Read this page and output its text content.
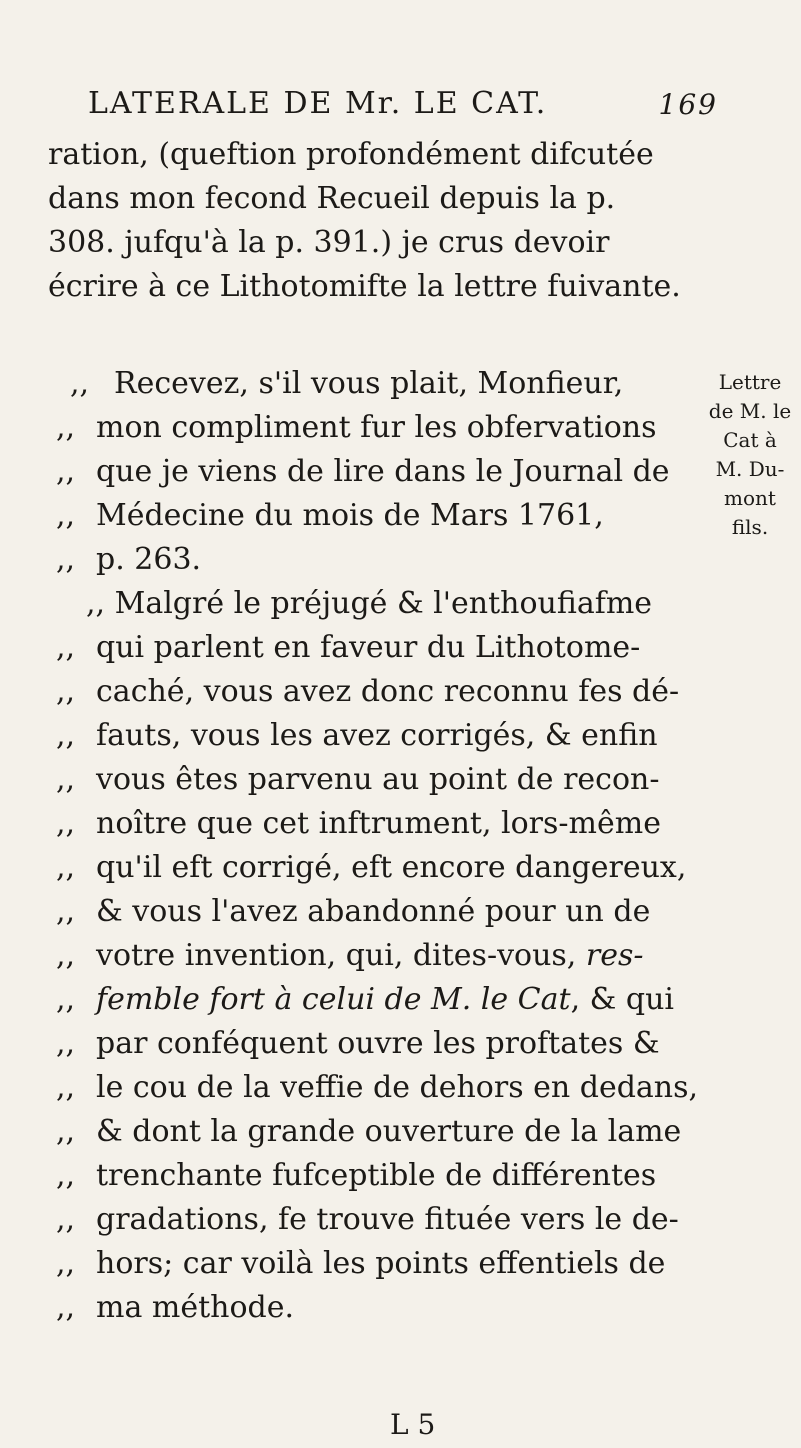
LATERALE DE Mr. LE CAT.	169
ration, (queftion profondément difcutée
dans mon fecond Recueil depuis la p.
308. jufqu'à la p. 391.) je crus devoir
écrire à ce Lithotomifte la lettre fuivante.
,, Recevez, s'il vous plait, Monfieur,
,, mon compliment fur les obfervations
,, que je viens de lire dans le Journal de
,, Médecine du mois de Mars 1761,
,, p. 263.
,, Malgré le préjugé & l'enthoufiafme
,, qui parlent en faveur du Lithotome-
,, caché, vous avez donc reconnu fes dé-
,, fauts, vous les avez corrigés, & enfin
,, vous êtes parvenu au point de recon-
,, noître que cet inftrument, lors-même
,, qu'il eft corrigé, eft encore dangereux,
,, & vous l'avez abandonné pour un de
,, votre invention, qui, dites-vous, res-
,, femble fort à celui de M. le Cat, & qui
,, par conféquent ouvre les proftates &
,, le cou de la veffie de dehors en dedans,
,, & dont la grande ouverture de la lame
,, trenchante fufceptible de différentes
,, gradations, fe trouve fituée vers le de-
,, hors; car voilà les points effentiels de
,, ma méthode.
Lettre
de M. le
Cat à
M. Du-
mont
fils.
L 5
